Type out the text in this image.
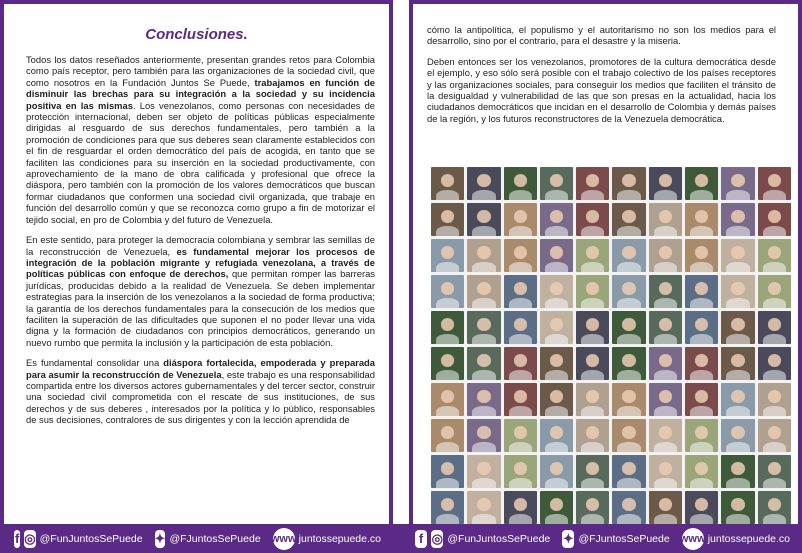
Conclusiones.

Todos los datos reseñados anteriormente, presentan grandes retos para Colombia como país receptor, pero también para las organizaciones de la sociedad civil, que como nosotros en la Fundación Juntos Se Puede, trabajamos en función de disminuir las brechas para su integración a la sociedad y su incidencia positiva en las mismas. Los venezolanos, como personas con necesidades de protección internacional, deben ser objeto de políticas públicas especialmente dirigidas al resguardo de sus derechos fundamentales, pero también a la promoción de condiciones para que sus deberes sean claramente establecidos con el fin de resguardar el orden democrático del país de acogida, en tanto que se faciliten las condiciones para su inserción en la sociedad productivamente, con aprovechamiento de la mano de obra calificada y profesional que ofrece la diáspora, pero también con la promoción de los valores democráticos que buscan formar ciudadanos que conformen una sociedad civil organizada, que trabaje en función del desarrollo común y que se reconozca como grupo a fin de motorizar el tejido social, en pro de Colombia y del futuro de Venezuela.

En este sentido, para proteger la democracia colombiana y sembrar las semillas de la reconstrucción de Venezuela, es fundamental mejorar los procesos de integración de la población migrante y refugiada venezolana, a través de políticas públicas con enfoque de derechos, que permitan romper las barreras jurídicas, producidas debido a la realidad de Venezuela. Se deben implementar estrategias para la inserción de los venezolanos a la sociedad de forma productiva; la garantía de los derechos fundamentales para la consecución de los medios que faciliten la superación de las dificultades que suponen el no poder llevar una vida digna y la formación de ciudadanos con principios democráticos, generando un nuevo rumbo que permita la inclusión y la participación de esta población.

Es fundamental consolidar una diáspora fortalecida, empoderada y preparada para asumir la reconstrucción de Venezuela, este trabajo es una responsabilidad compartida entre los diversos actores gubernamentales y del tercer sector, construir una sociedad civil comprometida con el rescate de sus instituciones, de sus derechos y de sus deberes , interesados por la política y lo público, responsables de sus decisiones, contralores de sus dirigentes y con la lección aprendida de

cómo la antipolítica, el populismo y el autoritarismo no son los medios para el desarrollo, sino por el contrario, para el desastre y la miseria.

Deben entonces ser los venezolanos, promotores de la cultura democrática desde el ejemplo, y eso sólo será posible con el trabajo colectivo de los países receptores y las organizaciones sociales, para conseguir los medios que faciliten el tránsito de la desigualdad y vulnerabilidad de las que son presas en la actualidad, hacia los ciudadanos democráticos que incidan en el desarrollo de Colombia y demás países de la región, y los futuros reconstructores de la Venezuela democrática.

f ◎ @FunJuntosSePuede ✦ @FJuntosSePuede www juntossepuede.co	f ◎ @FunJuntosSePuede ✦ @FJuntosSePuede www juntossepuede.co
